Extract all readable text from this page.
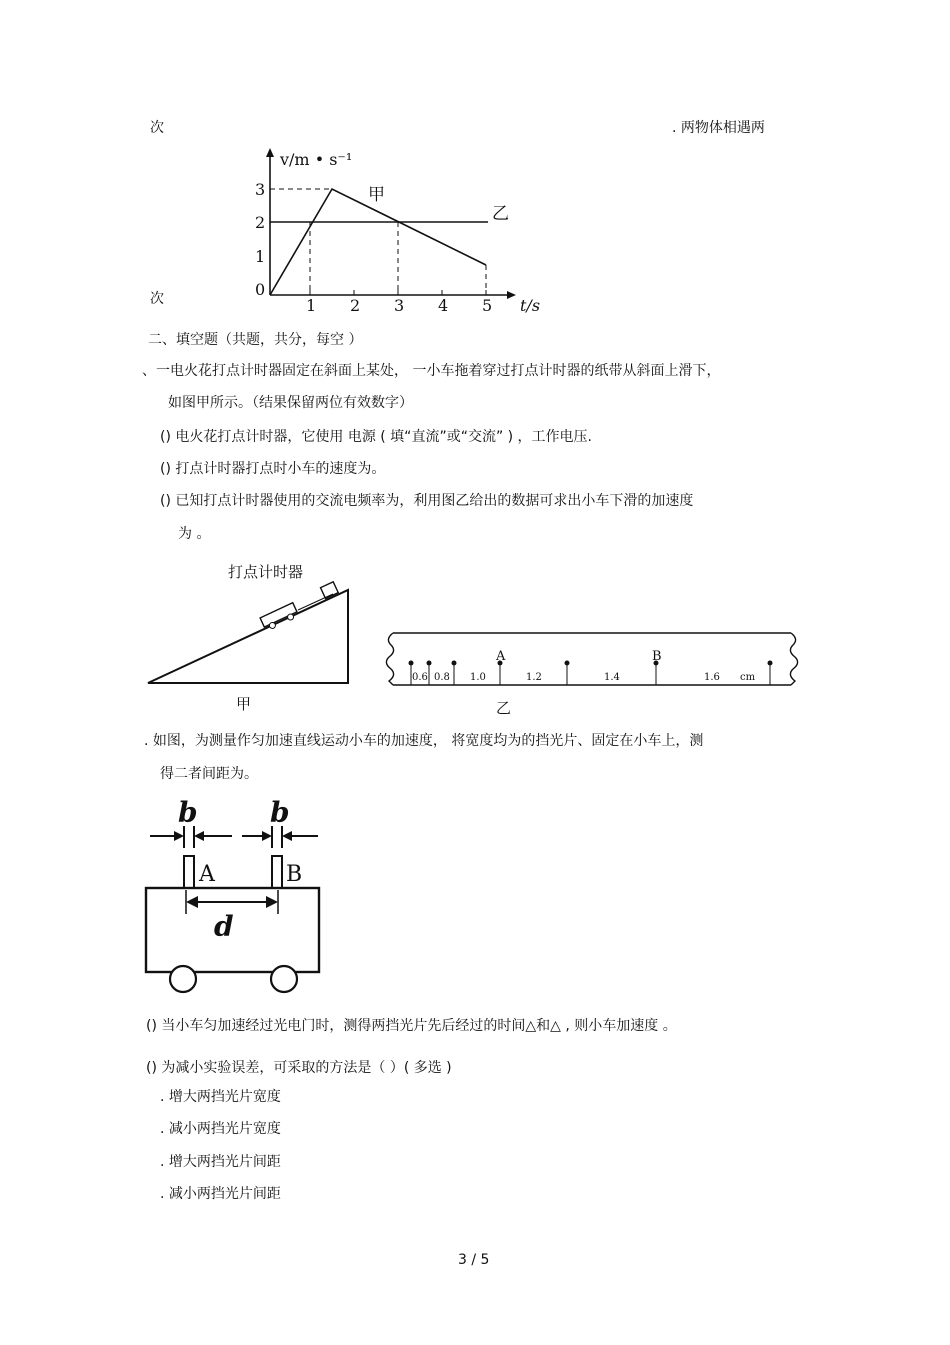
次	. 两物体相遇两
次
v/m • s⁻¹
3
2
1
0
1 2 3 4 5 t/s
甲
乙
二、填空题（共题，共分，每空 ）
、一电火花打点计时器固定在斜面上某处， 一小车拖着穿过打点计时器的纸带从斜面上滑下，
如图甲所示。（结果保留两位有效数字）
() 电火花打点计时器，它使用 电源 ( 填“直流”或“交流” ) ，工作电压.
() 打点计时器打点时小车的速度为。
() 已知打点计时器使用的交流电频率为，利用图乙给出的数据可求出小车下滑的加速度
为 。
打点计时器
甲
A	B
0.6 0.8 1.0	1.2	1.4	1.6 cm
乙
. 如图，为测量作匀加速直线运动小车的加速度， 将宽度均为的挡光片、固定在小车上，测
得二者间距为。
b	b
A	B
d
() 当小车匀加速经过光电门时，测得两挡光片先后经过的时间△和△ , 则小车加速度 。
() 为减小实验误差，可采取的方法是（ ）( 多选 )
. 增大两挡光片宽度
. 减小两挡光片宽度
. 增大两挡光片间距
. 减小两挡光片间距
3 / 5
